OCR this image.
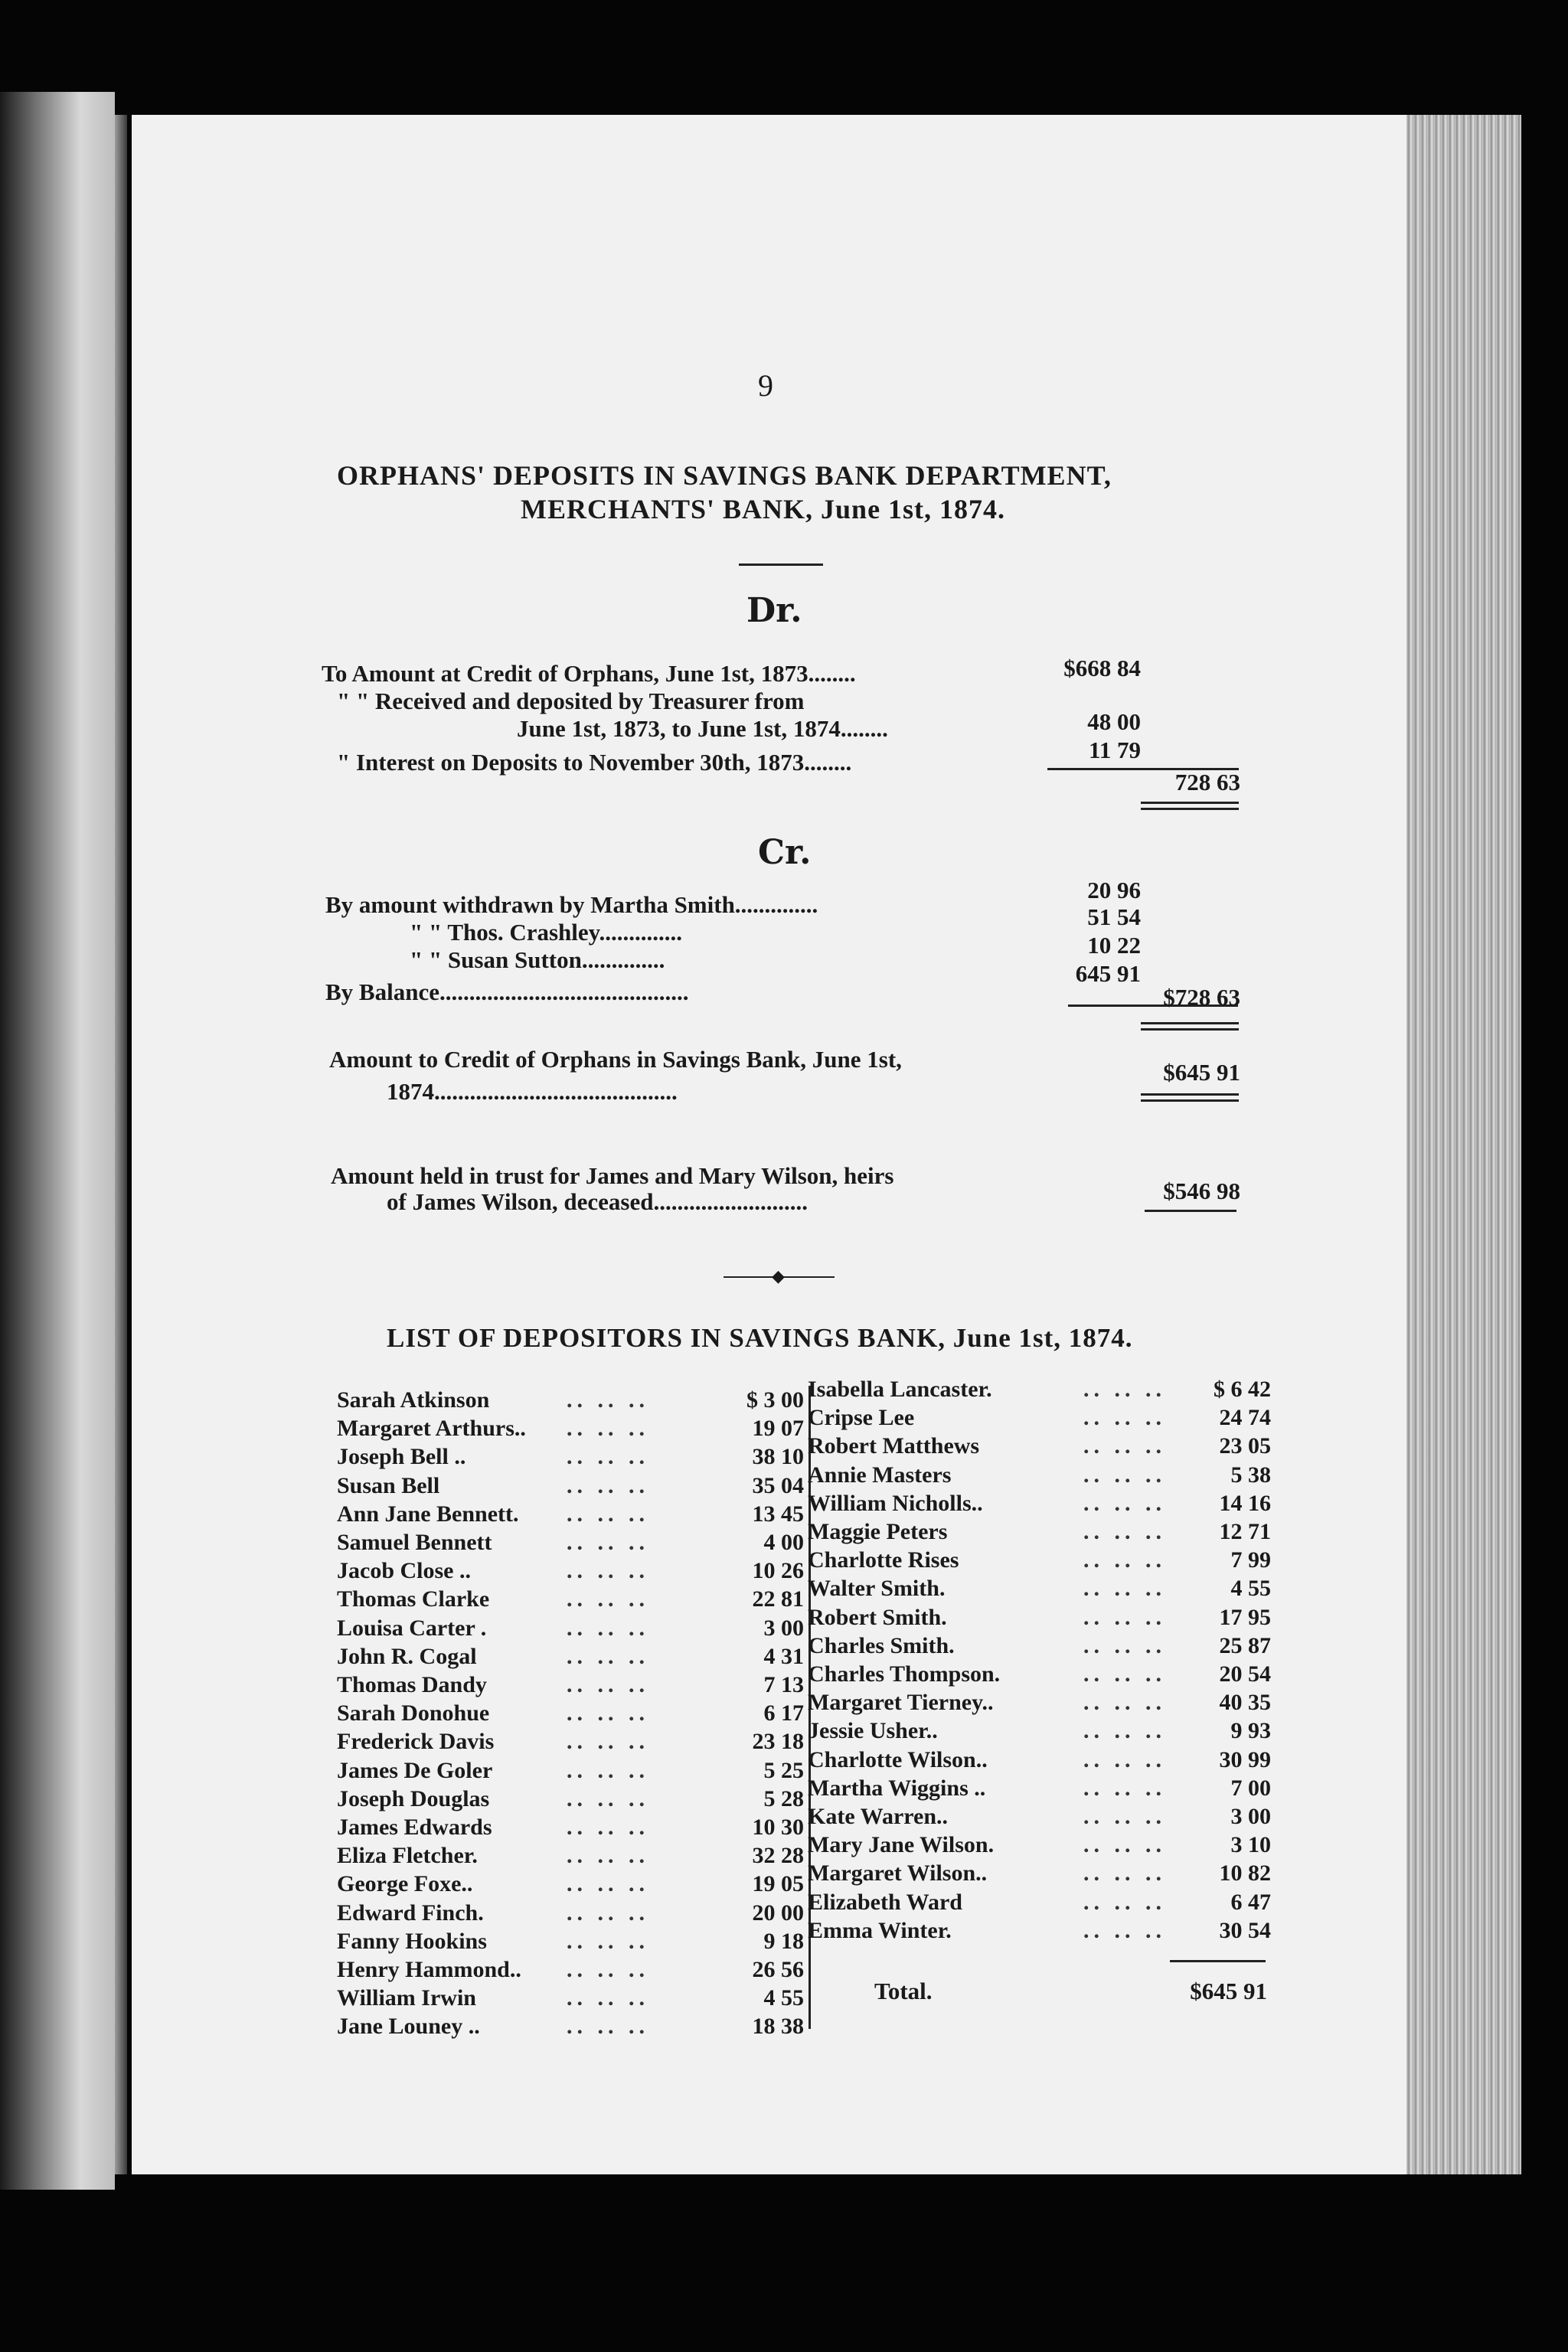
9
ORPHANS' DEPOSITS IN SAVINGS BANK DEPARTMENT,
MERCHANTS' BANK, June 1st, 1874.
Dr.
To Amount at Credit of Orphans, June 1st, 1873........	$668 84
" " Received and deposited by Treasurer from
June 1st, 1873, to June 1st, 1874........	48 00
" Interest on Deposits to November 30th, 1873........	11 79
728 63
Cr.
By amount withdrawn by Martha Smith..............
20 96
" " Thos. Crashley..............
51 54
" " Susan Sutton..............
10 22
By Balance..........................................
645 91
$728 63
Amount to Credit of Orphans in Savings Bank, June 1st,
1874.........................................
$645 91
Amount held in trust for James and Mary Wilson, heirs
of James Wilson, deceased..........................	$546 98
◆
LIST OF DEPOSITORS IN SAVINGS BANK, June 1st, 1874.
Sarah Atkinson	.. .. ..	$ 3 00
Margaret Arthurs.. .. .. ..	19 07
Joseph Bell ..	.. .. ..	38 10
Susan Bell	.. .. ..	35 04
Ann Jane Bennett. .. .. ..	13 45
Samuel Bennett	.. .. ..	4 00
Jacob Close ..	.. .. ..	10 26
Thomas Clarke	.. .. ..	22 81
Louisa Carter .	.. .. ..	3 00
John R. Cogal	.. .. ..	4 31
Thomas Dandy	.. .. ..	7 13
Sarah Donohue	.. .. ..	6 17
Frederick Davis	.. .. ..	23 18
James De Goler	.. .. ..	5 25
Joseph Douglas	.. .. ..	5 28
James Edwards	.. .. ..	10 30
Eliza Fletcher.	.. .. ..	32 28
George Foxe..	.. .. ..	19 05
Edward Finch.	.. .. ..	20 00
Fanny Hookins	.. .. ..	9 18
Henry Hammond.. .. .. ..	26 56
William Irwin	.. .. ..	4 55
Jane Louney ..	.. .. ..	18 38
Isabella Lancaster.	.. .. ..	$ 6 42
Cripse Lee	.. .. ..	24 74
Robert Matthews	.. .. ..	23 05
Annie Masters	.. .. ..	5 38
William Nicholls..	.. .. ..	14 16
Maggie Peters	.. .. ..	12 71
Charlotte Rises	.. .. ..	7 99
Walter Smith.	.. .. ..	4 55
Robert Smith.	.. .. ..	17 95
Charles Smith.	.. .. ..	25 87
Charles Thompson.	.. .. ..	20 54
Margaret Tierney..	.. .. ..	40 35
Jessie Usher..	.. .. ..	9 93
Charlotte Wilson..	.. .. ..	30 99
Martha Wiggins ..	.. .. ..	7 00
Kate Warren..	.. .. ..	3 00
Mary Jane Wilson.	.. .. ..	3 10
Margaret Wilson..	.. .. ..	10 82
Elizabeth Ward	.. .. ..	6 47
Emma Winter.	.. .. ..	30 54
Total.	$645 91
